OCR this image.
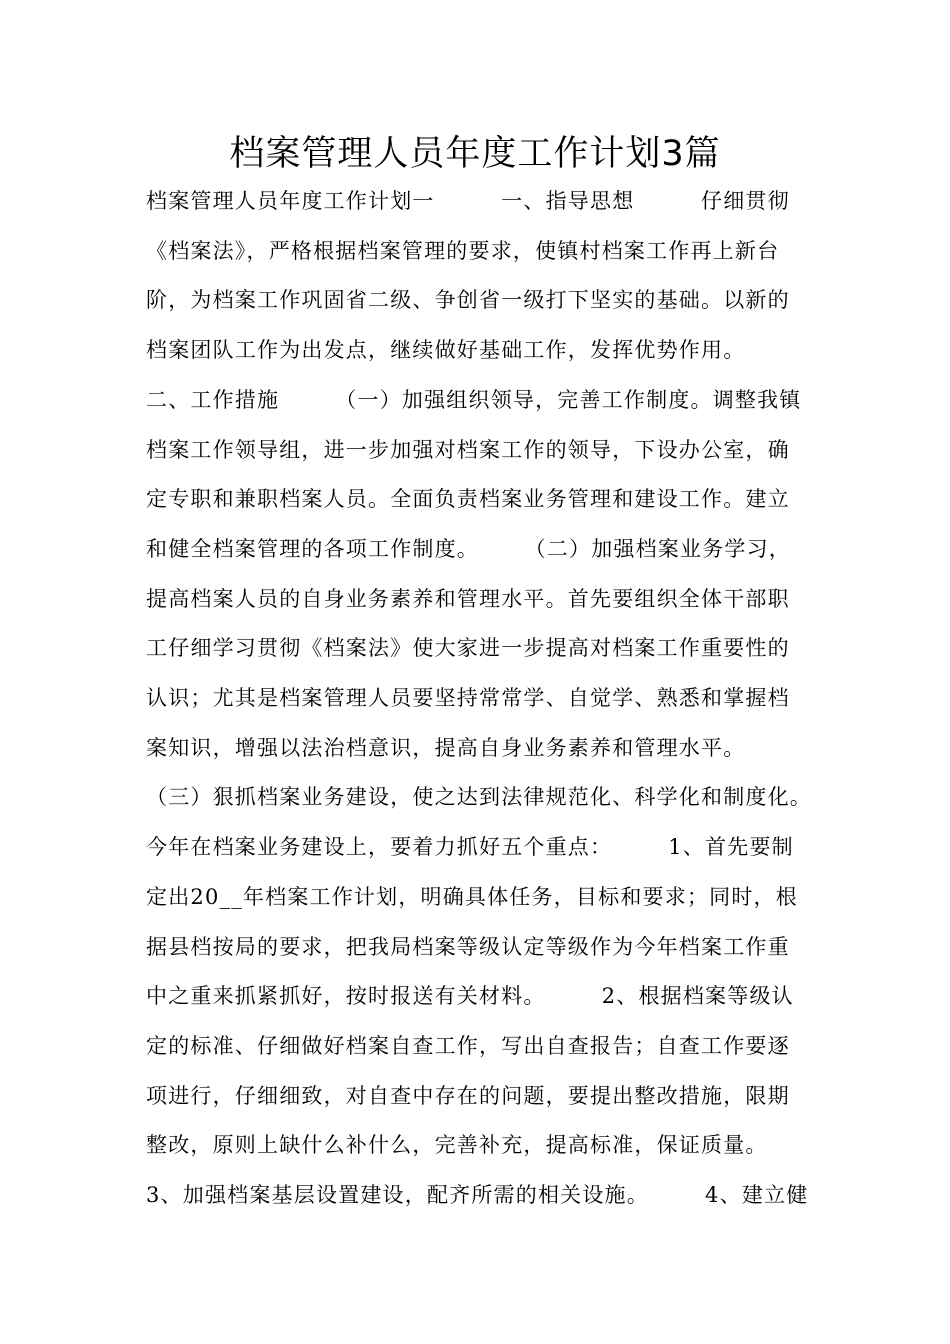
档案管理人员年度工作计划3篇
档案管理人员年度工作计划一　　　一、指导思想　　　仔细贯彻
《档案法》，严格根据档案管理的要求，使镇村档案工作再上新台
阶，为档案工作巩固省二级、争创省一级打下坚实的基础。以新的
档案团队工作为出发点，继续做好基础工作，发挥优势作用。
二、工作措施　　　（一）加强组织领导，完善工作制度。调整我镇
档案工作领导组，进一步加强对档案工作的领导，下设办公室，确
定专职和兼职档案人员。全面负责档案业务管理和建设工作。建立
和健全档案管理的各项工作制度。　　　（二）加强档案业务学习，
提高档案人员的自身业务素养和管理水平。首先要组织全体干部职
工仔细学习贯彻《档案法》使大家进一步提高对档案工作重要性的
认识；尤其是档案管理人员要坚持常常学、自觉学、熟悉和掌握档
案知识，增强以法治档意识，提高自身业务素养和管理水平。
（三）狠抓档案业务建设，使之达到法律规范化、科学化和制度化。
今年在档案业务建设上，要着力抓好五个重点：　　　1、首先要制
定出20__年档案工作计划，明确具体任务，目标和要求；同时，根
据县档按局的要求，把我局档案等级认定等级作为今年档案工作重
中之重来抓紧抓好，按时报送有关材料。　　　2、根据档案等级认
定的标准、仔细做好档案自查工作，写出自查报告；自查工作要逐
项进行，仔细细致，对自查中存在的问题，要提出整改措施，限期
整改，原则上缺什么补什么，完善补充，提高标准，保证质量。
3、加强档案基层设置建设，配齐所需的相关设施。　　　4、建立健
